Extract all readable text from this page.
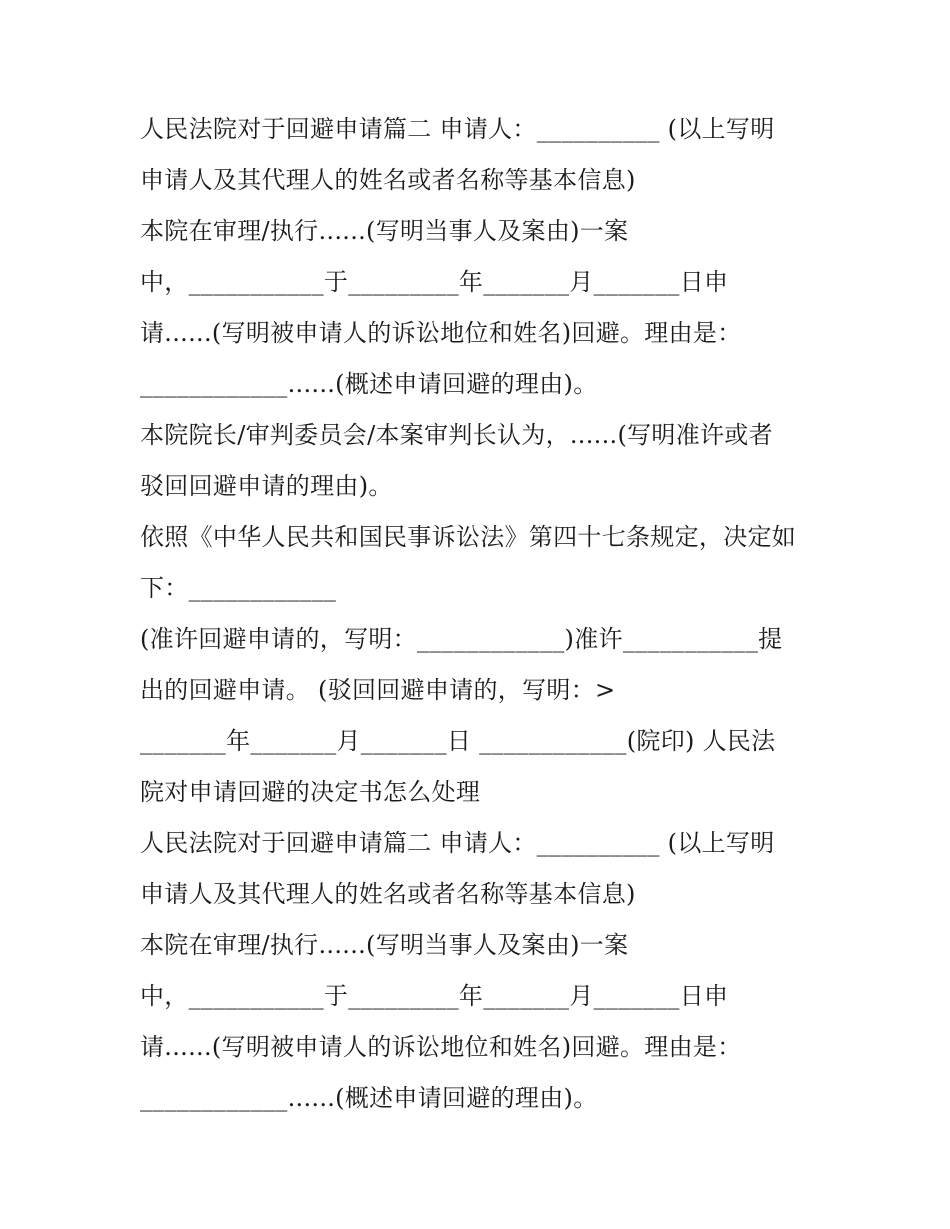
人民法院对于回避申请篇二 申请人：__________ (以上写明
申请人及其代理人的姓名或者名称等基本信息)
本院在审理/执行......(写明当事人及案由)一案
中，___________于_________年_______月_______日申
请......(写明被申请人的诉讼地位和姓名)回避。理由是：
____________......(概述申请回避的理由)。
本院院长/审判委员会/本案审判长认为，......(写明准许或者
驳回回避申请的理由)。
依照《中华人民共和国民事诉讼法》第四十七条规定，决定如
下：____________
(准许回避申请的，写明：____________)准许___________提
出的回避申请。 (驳回回避申请的，写明：>
_______年_______月_______日 ____________(院印) 人民法
院对申请回避的决定书怎么处理
人民法院对于回避申请篇二 申请人：__________ (以上写明
申请人及其代理人的姓名或者名称等基本信息)
本院在审理/执行......(写明当事人及案由)一案
中，___________于_________年_______月_______日申
请......(写明被申请人的诉讼地位和姓名)回避。理由是：
____________......(概述申请回避的理由)。
